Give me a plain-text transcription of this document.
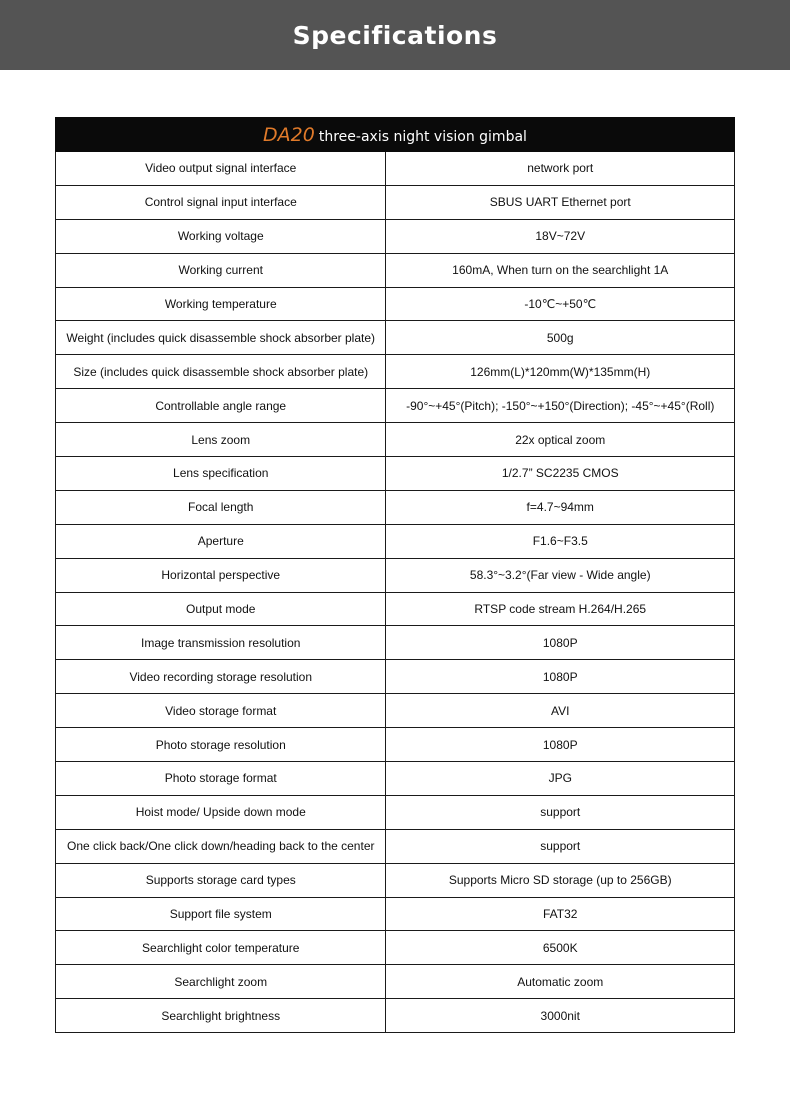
Specifications
DA20 three-axis night vision gimbal	
Video output signal interface	network port
Control signal input interface	SBUS UART Ethernet port
Working voltage	18V~72V
Working current	160mA, When turn on the searchlight 1A
Working temperature	-10℃~+50℃
Weight (includes quick disassemble shock absorber plate)	500g
Size (includes quick disassemble shock absorber plate)	126mm(L)*120mm(W)*135mm(H)
Controllable angle range	-90°~+45°(Pitch); -150°~+150°(Direction); -45°~+45°(Roll)
Lens zoom	22x optical zoom
Lens specification	1/2.7” SC2235 CMOS
Focal length	f=4.7~94mm
Aperture	F1.6~F3.5
Horizontal perspective	58.3°~3.2°(Far view - Wide angle)
Output mode	RTSP code stream H.264/H.265
Image transmission resolution	1080P
Video recording storage resolution	1080P
Video storage format	AVI
Photo storage resolution	1080P
Photo storage format	JPG
Hoist mode/ Upside down mode	support
One click back/One click down/heading back to the center	support
Supports storage card types	Supports Micro SD storage (up to 256GB)
Support file system	FAT32
Searchlight color temperature	6500K
Searchlight zoom	Automatic zoom
Searchlight brightness	3000nit
